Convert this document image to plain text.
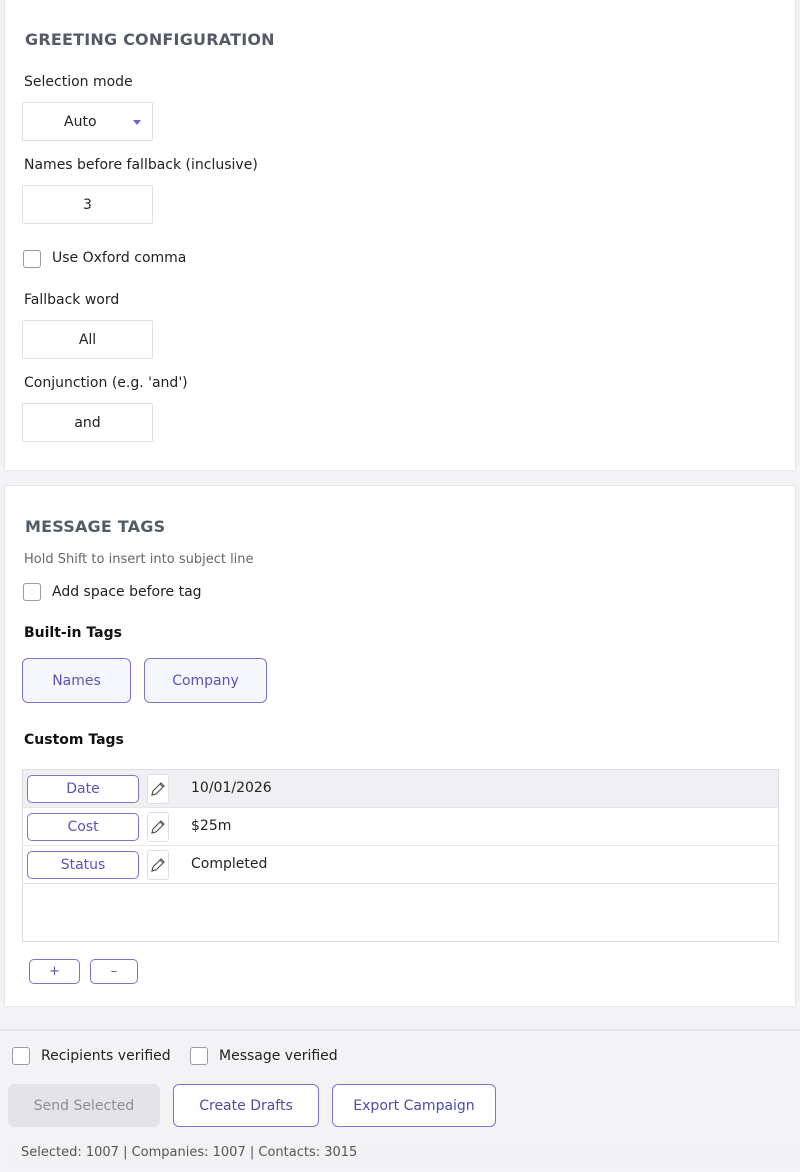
GREETING CONFIGURATION
Selection mode
Auto
Names before fallback (inclusive)
3
Use Oxford comma
Fallback word
All
Conjunction (e.g. 'and')
and
MESSAGE TAGS
Hold Shift to insert into subject line
Add space before tag
Built-in Tags
Names	Company
Custom Tags
Date	10/01/2026
Cost	$25m
Status	Completed
+	–
Recipients verified	Message verified
Send Selected	Create Drafts	Export Campaign
Selected: 1007 | Companies: 1007 | Contacts: 3015
